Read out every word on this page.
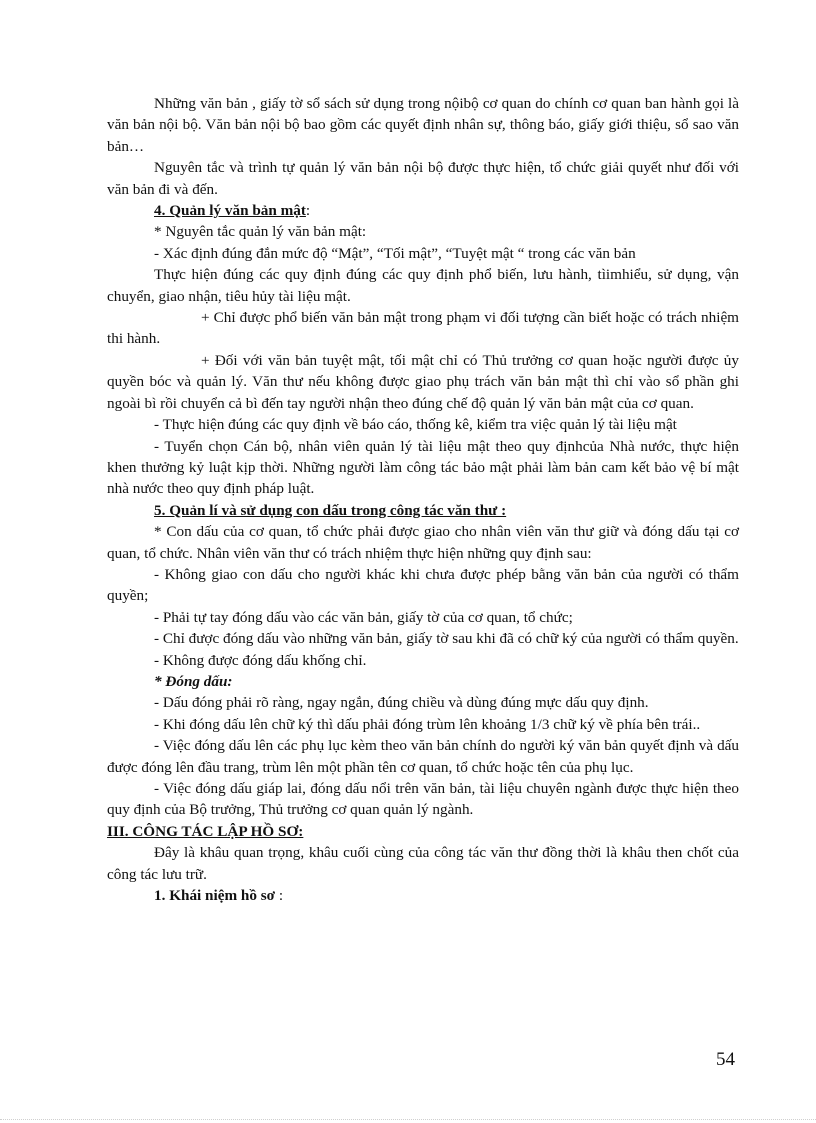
Những văn bản , giấy tờ sổ sách sử dụng trong nộibộ cơ quan do chính cơ quan ban hành gọi là văn bản nội bộ. Văn bản nội bộ bao gồm các quyết định nhân sự, thông báo, giấy giới thiệu, sổ sao văn bản…

Nguyên tắc và trình tự quản lý văn bản nội bộ được thực hiện, tổ chức giải quyết như đối với văn bản đi và đến.

4. Quản lý văn bản mật:

* Nguyên tắc quản lý văn bản mật:

- Xác định đúng đắn mức độ “Mật”, “Tối mật”, “Tuyệt mật “ trong các văn bản

Thực hiện đúng các quy định đúng các quy định phổ biến, lưu hành, tìimhiểu, sử dụng, vận chuyển, giao nhận, tiêu hủy tài liệu mật.

+ Chỉ được phổ biến văn bản mật trong phạm vi đối tượng cần biết hoặc có trách nhiệm thi hành.

+ Đối với văn bản tuyệt mật, tối mật chỉ có Thủ trưởng cơ quan hoặc người được ủy quyền bóc và quản lý. Văn thư nếu không được giao phụ trách văn bản mật thì chỉ vào sổ phần ghi ngoài bì rồi chuyển cả bì đến tay người nhận theo đúng chế độ quản lý văn bản mật của cơ quan.

- Thực hiện đúng các quy định về báo cáo, thống kê, kiểm tra việc quản lý tài liệu mật

- Tuyển chọn Cán bộ, nhân viên quản lý tài liệu mật theo quy địnhcủa Nhà nước, thực hiện khen thưởng kỷ luật kịp thời. Những người làm công tác bảo mật phải làm bản cam kết bảo vệ bí mật nhà nước theo quy định pháp luật.

5. Quản lí và sử dụng con dấu trong công tác văn thư :

* Con dấu của cơ quan, tổ chức phải được giao cho nhân viên văn thư giữ và đóng dấu tại cơ quan, tổ chức. Nhân viên văn thư có trách nhiệm thực hiện những quy định sau:

- Không giao con dấu cho người khác khi chưa được phép bằng văn bản của người có thẩm quyền;

- Phải tự tay đóng dấu vào các văn bản, giấy tờ của cơ quan, tổ chức;

- Chỉ được đóng dấu vào những văn bản, giấy tờ sau khi đã có chữ ký của người có thẩm quyền.

- Không được đóng dấu khống chỉ.

* Đóng dấu:

- Dấu đóng phải rõ ràng, ngay ngắn, đúng chiều và dùng đúng mực dấu quy định.

- Khi đóng dấu lên chữ ký thì dấu phải đóng trùm lên khoảng 1/3 chữ ký về phía bên trái..

- Việc đóng dấu lên các phụ lục kèm theo văn bản chính do người ký văn bản quyết định và dấu được đóng lên đầu trang, trùm lên một phần tên cơ quan, tổ chức hoặc tên của phụ lục.

- Việc đóng dấu giáp lai, đóng dấu nổi trên văn bản, tài liệu chuyên ngành được thực hiện theo quy định của Bộ trưởng, Thủ trưởng cơ quan quản lý ngành.

III. CÔNG TÁC LẬP HỒ SƠ:

Đây là khâu quan trọng, khâu cuối cùng của công tác văn thư đồng thời là khâu then chốt của công tác lưu trữ.

1. Khái niệm hồ sơ :

54
